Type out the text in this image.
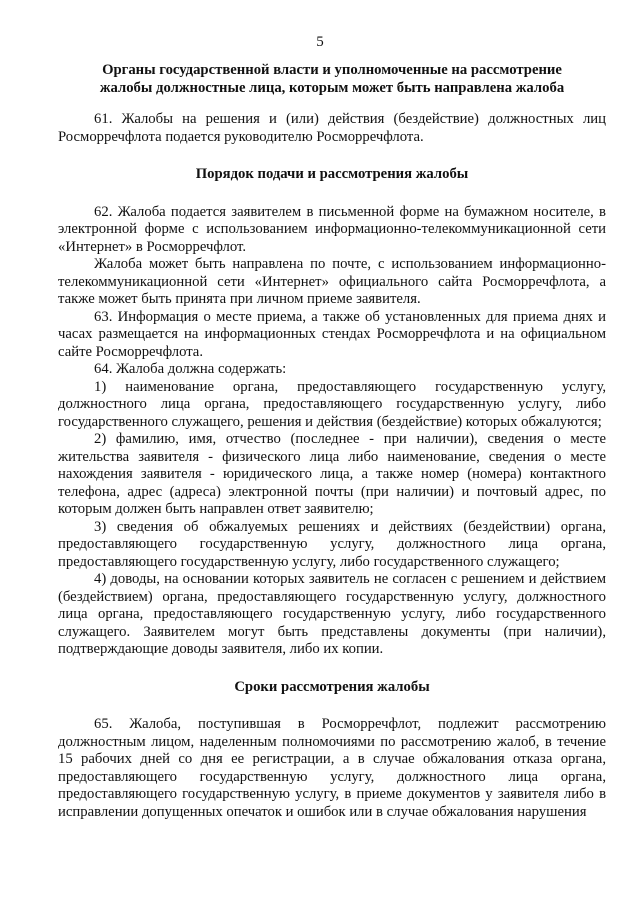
5

Органы государственной власти и уполномоченные на рассмотрение жалобы должностные лица, которым может быть направлена жалоба

61. Жалобы на решения и (или) действия (бездействие) должностных лиц Росморречфлота подается руководителю Росморречфлота.

Порядок подачи и рассмотрения жалобы

62. Жалоба подается заявителем в письменной форме на бумажном носителе, в электронной форме с использованием информационно-телекоммуникационной сети «Интернет» в Росморречфлот.

Жалоба может быть направлена по почте, с использованием информационно-телекоммуникационной сети «Интернет» официального сайта Росморречфлота, а также может быть принята при личном приеме заявителя.

63. Информация о месте приема, а также об установленных для приема днях и часах размещается на информационных стендах Росморречфлота и на официальном сайте Росморречфлота.

64. Жалоба должна содержать:

1) наименование органа, предоставляющего государственную услугу, должностного лица органа, предоставляющего государственную услугу, либо государственного служащего, решения и действия (бездействие) которых обжалуются;

2) фамилию, имя, отчество (последнее - при наличии), сведения о месте жительства заявителя - физического лица либо наименование, сведения о месте нахождения заявителя - юридического лица, а также номер (номера) контактного телефона, адрес (адреса) электронной почты (при наличии) и почтовый адрес, по которым должен быть направлен ответ заявителю;

3) сведения об обжалуемых решениях и действиях (бездействии) органа, предоставляющего государственную услугу, должностного лица органа, предоставляющего государственную услугу, либо государственного служащего;

4) доводы, на основании которых заявитель не согласен с решением и действием (бездействием) органа, предоставляющего государственную услугу, должностного лица органа, предоставляющего государственную услугу, либо государственного служащего. Заявителем могут быть представлены документы (при наличии), подтверждающие доводы заявителя, либо их копии.

Сроки рассмотрения жалобы

65. Жалоба, поступившая в Росморречфлот, подлежит рассмотрению должностным лицом, наделенным полномочиями по рассмотрению жалоб, в течение 15 рабочих дней со дня ее регистрации, а в случае обжалования отказа органа, предоставляющего государственную услугу, должностного лица органа, предоставляющего государственную услугу, в приеме документов у заявителя либо в исправлении допущенных опечаток и ошибок или в случае обжалования нарушения
